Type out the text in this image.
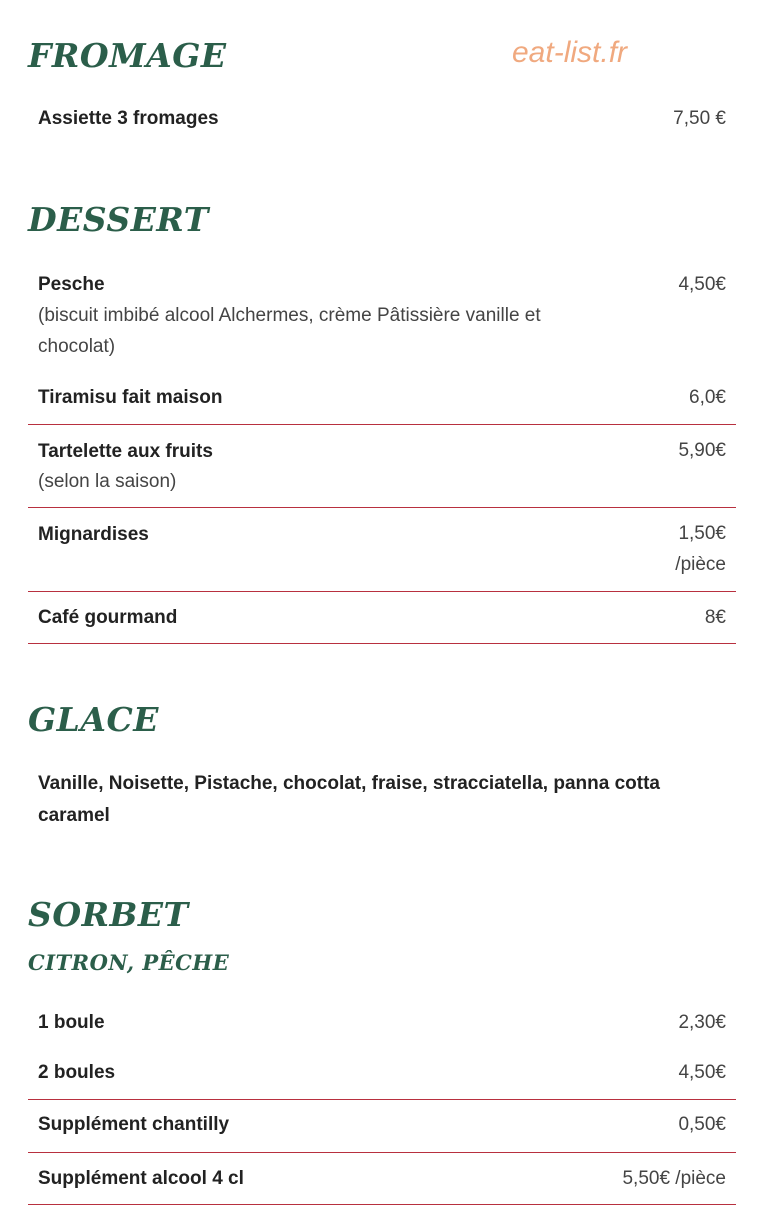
eat-list.fr
FROMAGE
Assiette 3 fromages	7,50 €
DESSERT
Pesche	4,50€
(biscuit imbibé alcool Alchermes, crème Pâtissière vanille et chocolat)
Tiramisu fait maison	6,0€
Tartelette aux fruits	5,90€
(selon la saison)
Mignardises	1,50€
/pièce
Café gourmand	8€
GLACE
Vanille, Noisette, Pistache, chocolat, fraise, stracciatella, panna cotta caramel
SORBET
CITRON, PÊCHE
1 boule	2,30€
2 boules	4,50€
Supplément chantilly	0,50€
Supplément alcool 4 cl	5,50€ /pièce
